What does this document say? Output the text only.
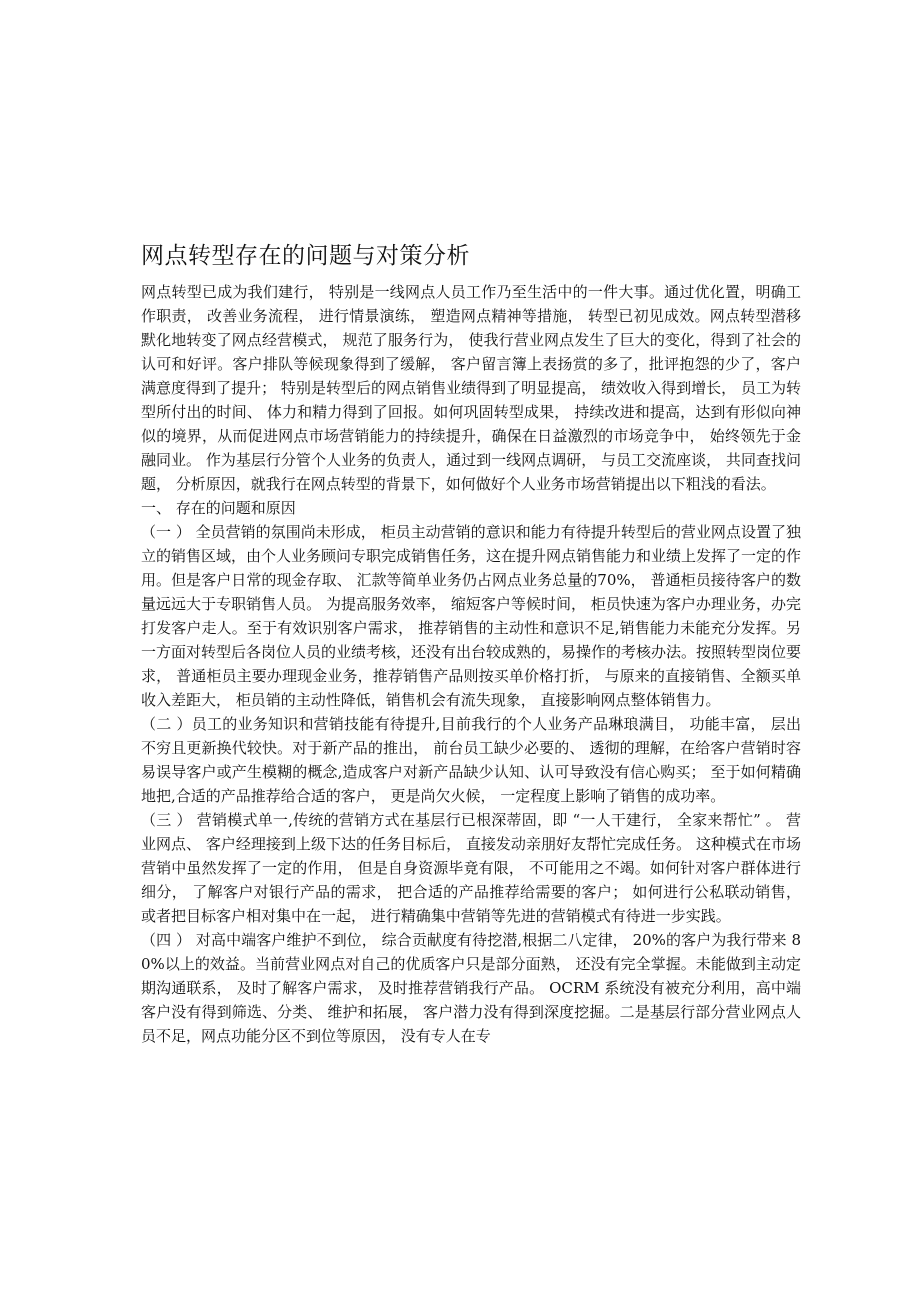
网点转型存在的问题与对策分析

网点转型已成为我们建行， 特别是一线网点人员工作乃至生活中的一件大事。通过优化置，明确工作职责， 改善业务流程， 进行情景演练， 塑造网点精神等措施， 转型已初见成效。网点转型潜移默化地转变了网点经营模式， 规范了服务行为， 使我行营业网点发生了巨大的变化，得到了社会的认可和好评。客户排队等候现象得到了缓解， 客户留言簿上表扬赏的多了，批评抱怨的少了，客户满意度得到了提升； 特别是转型后的网点销售业绩得到了明显提高， 绩效收入得到增长， 员工为转型所付出的时间、 体力和精力得到了回报。如何巩固转型成果， 持续改进和提高，达到有形似向神似的境界，从而促进网点市场营销能力的持续提升，确保在日益激烈的市场竞争中， 始终领先于金融同业。 作为基层行分管个人业务的负责人，通过到一线网点调研， 与员工交流座谈， 共同查找问题， 分析原因，就我行在网点转型的背景下，如何做好个人业务市场营销提出以下粗浅的看法。

一、 存在的问题和原因

（一 ） 全员营销的氛围尚未形成， 柜员主动营销的意识和能力有待提升转型后的营业网点设置了独立的销售区域，由个人业务顾问专职完成销售任务，这在提升网点销售能力和业绩上发挥了一定的作用。但是客户日常的现金存取、 汇款等简单业务仍占网点业务总量的70%， 普通柜员接待客户的数量远远大于专职销售人员。 为提高服务效率， 缩短客户等候时间， 柜员快速为客户办理业务，办完打发客户走人。至于有效识别客户需求， 推荐销售的主动性和意识不足,销售能力未能充分发挥。另一方面对转型后各岗位人员的业绩考核，还没有出台较成熟的，易操作的考核办法。按照转型岗位要求， 普通柜员主要办理现金业务，推荐销售产品则按买单价格打折， 与原来的直接销售、全额买单收入差距大， 柜员销的主动性降低，销售机会有流失现象， 直接影响网点整体销售力。

（二 ）员工的业务知识和营销技能有待提升,目前我行的个人业务产品琳琅满目， 功能丰富， 层出不穷且更新换代较快。对于新产品的推出， 前台员工缺少必要的、 透彻的理解，在给客户营销时容易误导客户或产生模糊的概念,造成客户对新产品缺少认知、认可导致没有信心购买； 至于如何精确地把,合适的产品推荐给合适的客户， 更是尚欠火候， 一定程度上影响了销售的成功率。

（三 ） 营销模式单一,传统的营销方式在基层行已根深蒂固，即 “一人干建行， 全家来帮忙” 。 营业网点、 客户经理接到上级下达的任务目标后， 直接发动亲朋好友帮忙完成任务。 这种模式在市场营销中虽然发挥了一定的作用， 但是自身资源毕竟有限， 不可能用之不竭。如何针对客户群体进行细分， 了解客户对银行产品的需求， 把合适的产品推荐给需要的客户； 如何进行公私联动销售， 或者把目标客户相对集中在一起， 进行精确集中营销等先进的营销模式有待进一步实践。

（四 ） 对高中端客户维护不到位， 综合贡献度有待挖潜,根据二八定律， 20%的客户为我行带来 80%以上的效益。当前营业网点对自己的优质客户只是部分面熟， 还没有完全掌握。未能做到主动定期沟通联系， 及时了解客户需求， 及时推荐营销我行产品。 OCRM 系统没有被充分利用，高中端客户没有得到筛选、分类、 维护和拓展， 客户潜力没有得到深度挖掘。二是基层行部分营业网点人员不足，网点功能分区不到位等原因， 没有专人在专
